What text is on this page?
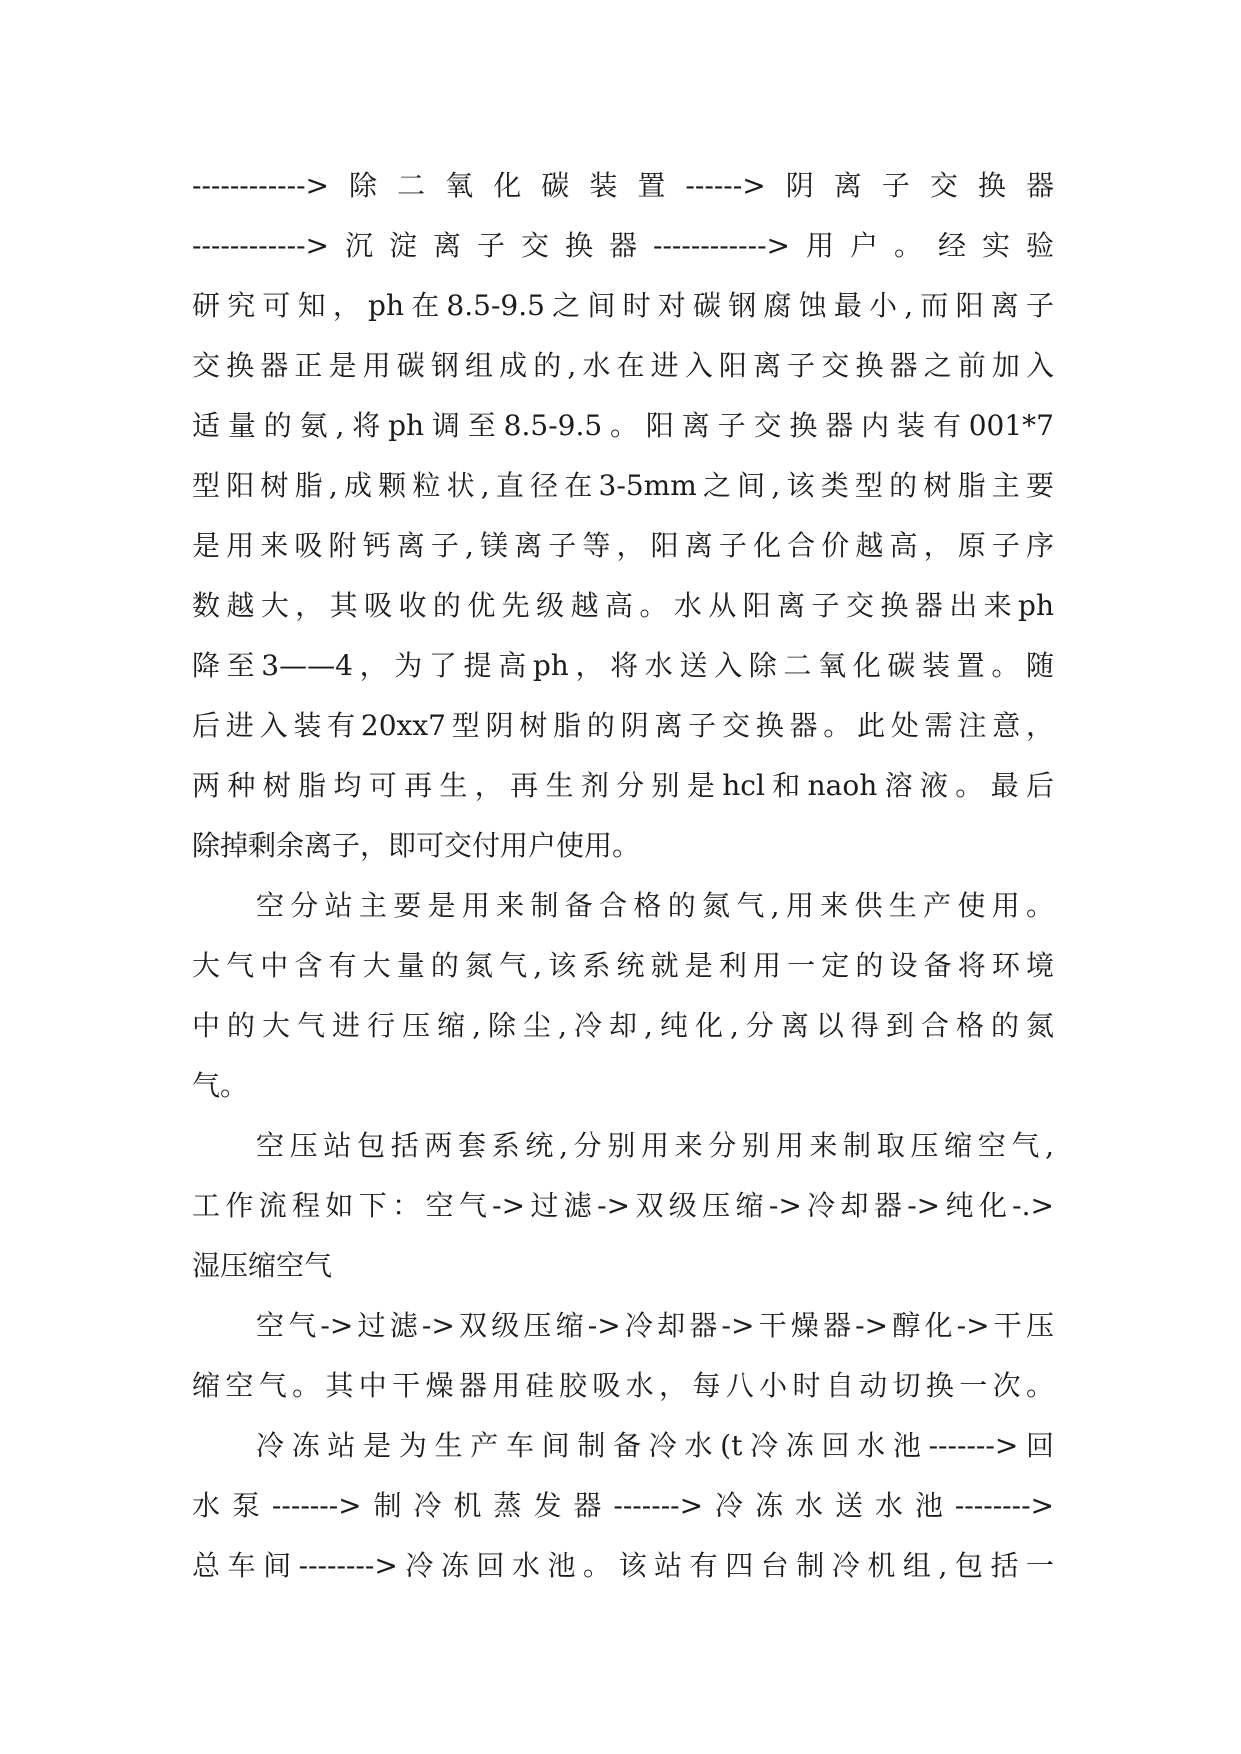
------------>除二氧化碳装置------>阴离子交换器
------------>沉淀离子交换器------------>用户。经实验
研究可知，ph在8.5-9.5之间时对碳钢腐蚀最小,而阳离子
交换器正是用碳钢组成的,水在进入阳离子交换器之前加入
适量的氨,将ph调至8.5-9.5。阳离子交换器内装有001*7
型阳树脂,成颗粒状,直径在3-5mm之间,该类型的树脂主要
是用来吸附钙离子,镁离子等，阳离子化合价越高，原子序
数越大，其吸收的优先级越高。水从阳离子交换器出来ph
降至3——4，为了提高ph，将水送入除二氧化碳装置。随
后进入装有20xx7型阴树脂的阴离子交换器。此处需注意，
两种树脂均可再生，再生剂分别是hcl和naoh溶液。最后
除掉剩余离子，即可交付用户使用。
空分站主要是用来制备合格的氮气,用来供生产使用。
大气中含有大量的氮气,该系统就是利用一定的设备将环境
中的大气进行压缩,除尘,冷却,纯化,分离以得到合格的氮
气。
空压站包括两套系统,分别用来分别用来制取压缩空气,
工作流程如下：空气->过滤->双级压缩->冷却器->纯化-.>
湿压缩空气
空气->过滤->双级压缩->冷却器->干燥器->醇化->干压
缩空气。其中干燥器用硅胶吸水，每八小时自动切换一次。
冷冻站是为生产车间制备冷水(t冷冻回水池------->回
水泵------->制冷机蒸发器------->冷冻水送水池-------->
总车间-------->冷冻回水池。该站有四台制冷机组,包括一
